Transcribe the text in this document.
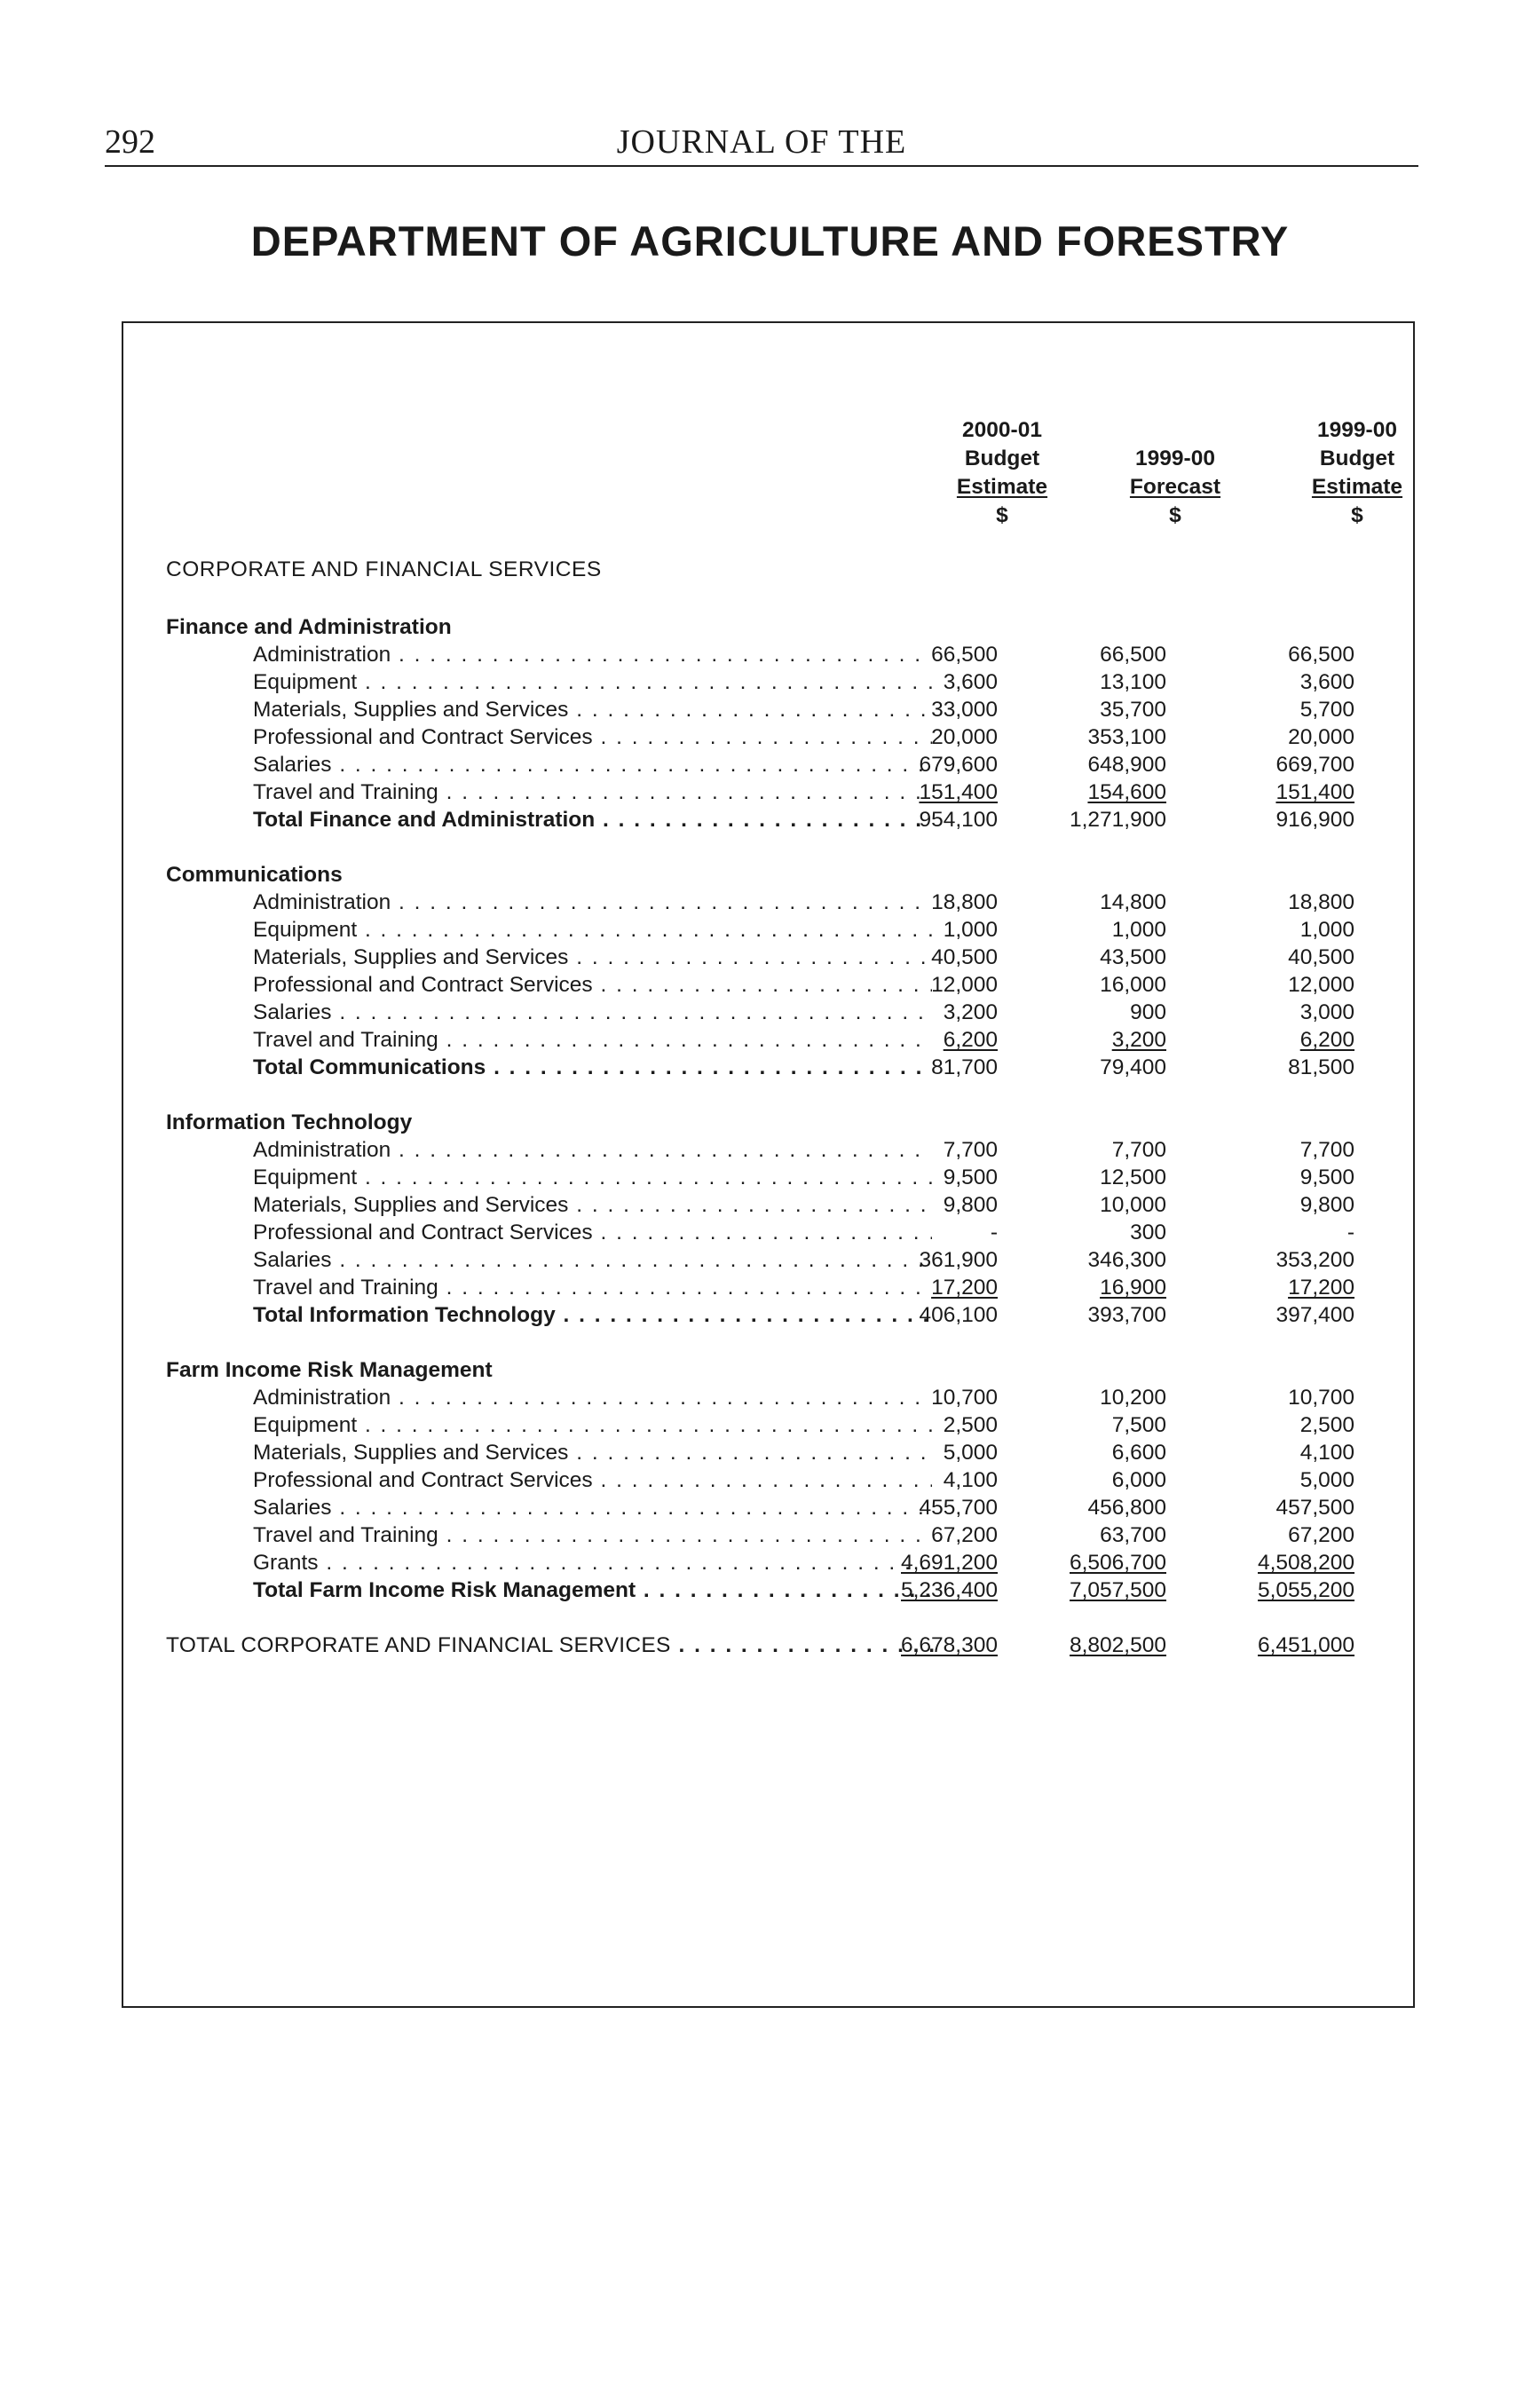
292	JOURNAL OF THE
DEPARTMENT OF AGRICULTURE AND FORESTRY
2000-01
Budget
Estimate
$
1999-00
Forecast
$
1999-00
Budget
Estimate
$
CORPORATE AND FINANCIAL SERVICES
Finance and Administration
Administration . . .	66,500	66,500	66,500
Equipment . . .	3,600	13,100	3,600
Materials, Supplies and Services . . .	33,000	35,700	5,700
Professional and Contract Services . . .	20,000	353,100	20,000
Salaries . . .	679,600	648,900	669,700
Travel and Training . . .	151,400	154,600	151,400
Total Finance and Administration . . .	954,100	1,271,900	916,900
Communications
Administration . . .	18,800	14,800	18,800
Equipment . . .	1,000	1,000	1,000
Materials, Supplies and Services . . .	40,500	43,500	40,500
Professional and Contract Services . . .	12,000	16,000	12,000
Salaries . . .	3,200	900	3,000
Travel and Training . . .	6,200	3,200	6,200
Total Communications . . .	81,700	79,400	81,500
Information Technology
Administration . . .	7,700	7,700	7,700
Equipment . . .	9,500	12,500	9,500
Materials, Supplies and Services . . .	9,800	10,000	9,800
Professional and Contract Services . . .	-	300	-
Salaries . . .	361,900	346,300	353,200
Travel and Training . . .	17,200	16,900	17,200
Total Information Technology . . .	406,100	393,700	397,400
Farm Income Risk Management
Administration . . .	10,700	10,200	10,700
Equipment . . .	2,500	7,500	2,500
Materials, Supplies and Services . . .	5,000	6,600	4,100
Professional and Contract Services . . .	4,100	6,000	5,000
Salaries . . .	455,700	456,800	457,500
Travel and Training . . .	67,200	63,700	67,200
Grants . . .	4,691,200	6,506,700	4,508,200
Total Farm Income Risk Management . . .	5,236,400	7,057,500	5,055,200
TOTAL CORPORATE AND FINANCIAL SERVICES . . .	6,678,300	8,802,500	6,451,000
